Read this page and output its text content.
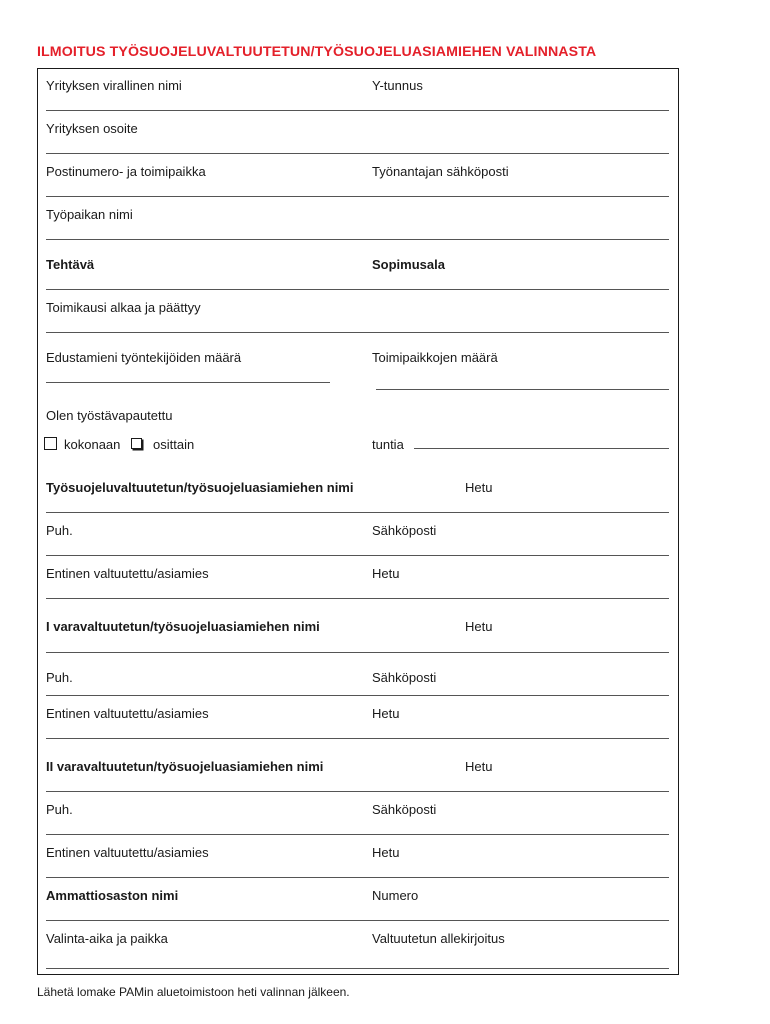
ILMOITUS TYÖSUOJELUVALTUUTETUN/TYÖSUOJELUASIAMIEHEN VALINNASTA
Yrityksen virallinen nimi	Y-tunnus
Yrityksen osoite
Postinumero- ja toimipaikka	Työnantajan sähköposti
Työpaikan nimi
Tehtävä	Sopimusala
Toimikausi alkaa ja päättyy
Edustamieni työntekijöiden määrä	Toimipaikkojen määrä
Olen työstävapautettu
kokonaan	osittain	tuntia
Työsuojeluvaltuutetun/työsuojeluasiamiehen nimi	Hetu
Puh.	Sähköposti
Entinen valtuutettu/asiamies	Hetu
I varavaltuutetun/työsuojeluasiamiehen nimi	Hetu
Puh.	Sähköposti
Entinen valtuutettu/asiamies	Hetu
II varavaltuutetun/työsuojeluasiamiehen nimi	Hetu
Puh.	Sähköposti
Entinen valtuutettu/asiamies	Hetu
Ammattiosaston nimi	Numero
Valinta-aika ja paikka	Valtuutetun allekirjoitus
Lähetä lomake PAMin aluetoimistoon heti valinnan jälkeen.
